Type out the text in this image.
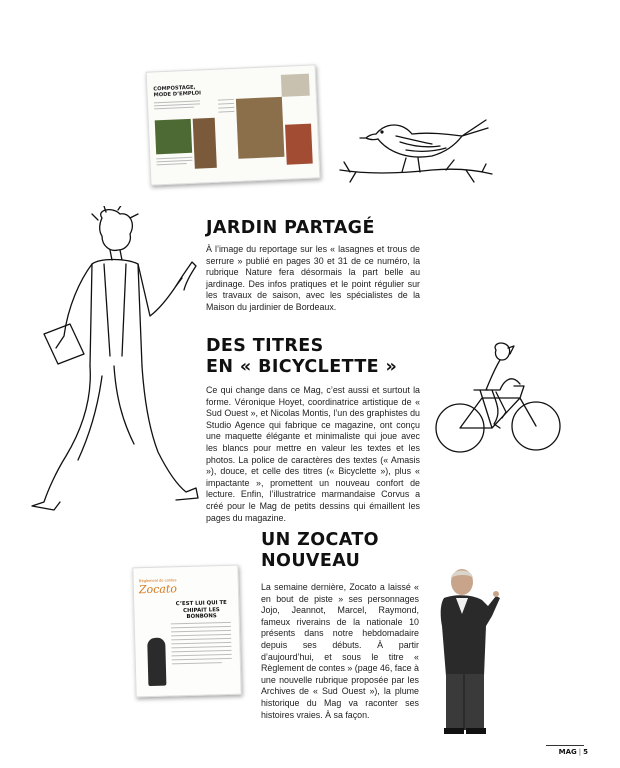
COMPOSTAGE, MODE D’EMPLOI
Règlement de contes
Zocato
C’EST LUI QUI TE CHIPAIT LES BONBONS
JARDIN PARTAGÉ

À l’image du reportage sur les « lasagnes et trous de serrure » publié en pages 30 et 31 de ce numéro, la rubrique Nature fera désormais la part belle au jardinage. Des infos pratiques et le point régulier sur les travaux de saison, avec les spécialistes de la Maison du jardinier de Bordeaux.

DES TITRES
EN « BICYCLETTE »

Ce qui change dans ce Mag, c’est aussi et surtout la forme. Véronique Hoyet, coordinatrice artistique de « Sud Ouest », et Nicolas Montis, l’un des graphistes du Studio Agence qui fabrique ce magazine, ont conçu une maquette élégante et minimaliste qui joue avec les blancs pour mettre en valeur les textes et les photos. La police de caractères des textes (« Amasis »), douce, et celle des titres (« Bicyclette »), plus « impactante », promettent un nouveau confort de lecture. Enfin, l’illustratrice marmandaise Corvus a créé pour le Mag de petits dessins qui émaillent les pages du magazine.

UN ZOCATO
NOUVEAU

La semaine dernière, Zocato a laissé « en bout de piste » ses personnages Jojo, Jeannot, Marcel, Raymond, fameux riverains de la nationale 10 présents dans notre hebdomadaire depuis ses débuts. À partir d’aujourd’hui, et sous le titre « Règlement de contes » (page 46, face à une nouvelle rubrique proposée par les Archives de « Sud Ouest »), la plume historique du Mag va raconter ses histoires vraies. À sa façon.

MAG | 5
